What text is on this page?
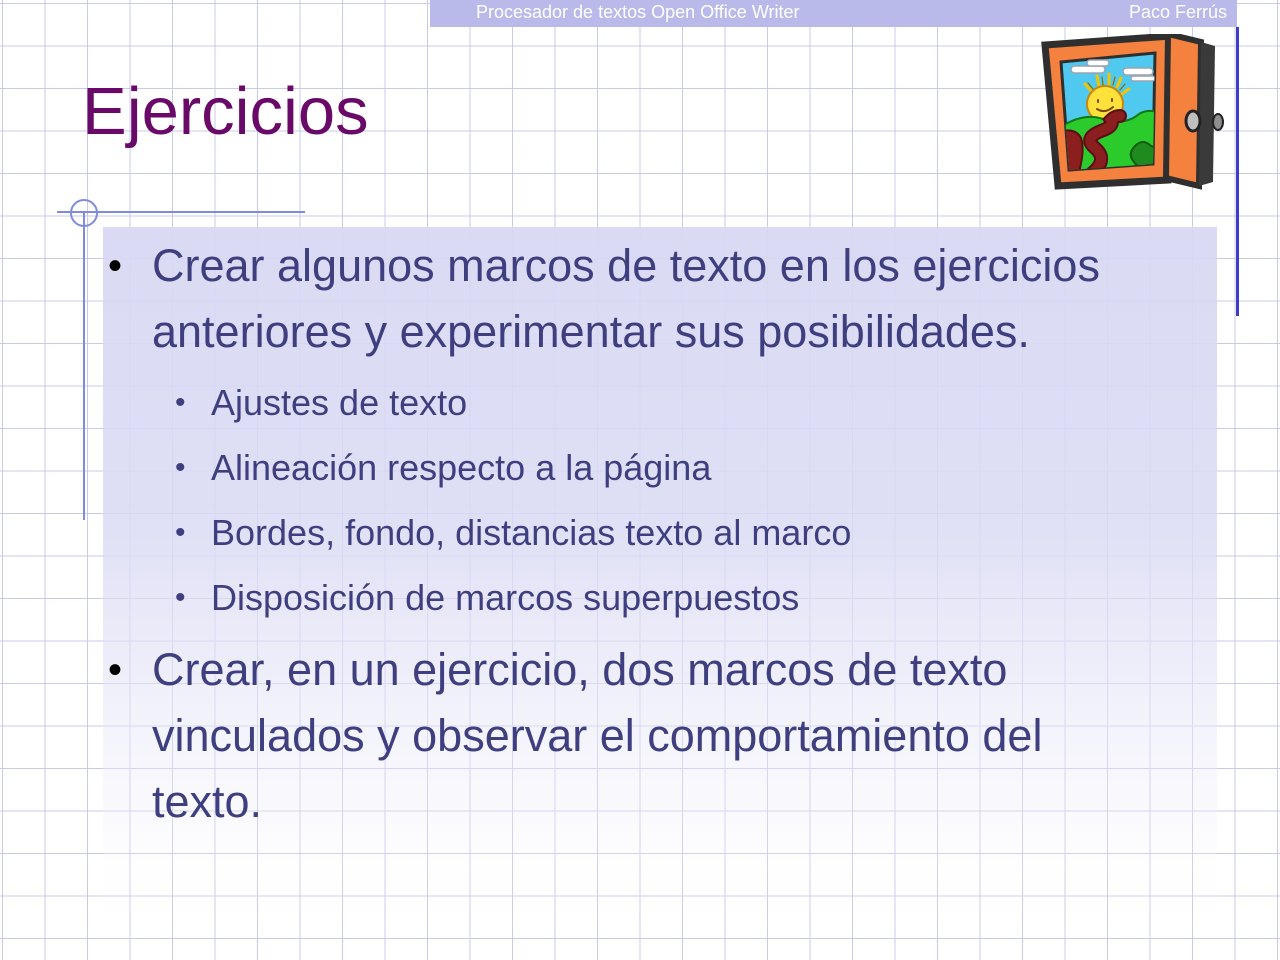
Procesador de textos Open Office Writer	Paco Ferrús
Ejercicios
• Crear algunos marcos de texto en los ejercicios anteriores y experimentar sus posibilidades.
• Ajustes de texto
• Alineación respecto a la página
• Bordes, fondo, distancias texto al marco
• Disposición de marcos superpuestos
• Crear, en un ejercicio, dos marcos de texto vinculados y observar el comportamiento del texto.
